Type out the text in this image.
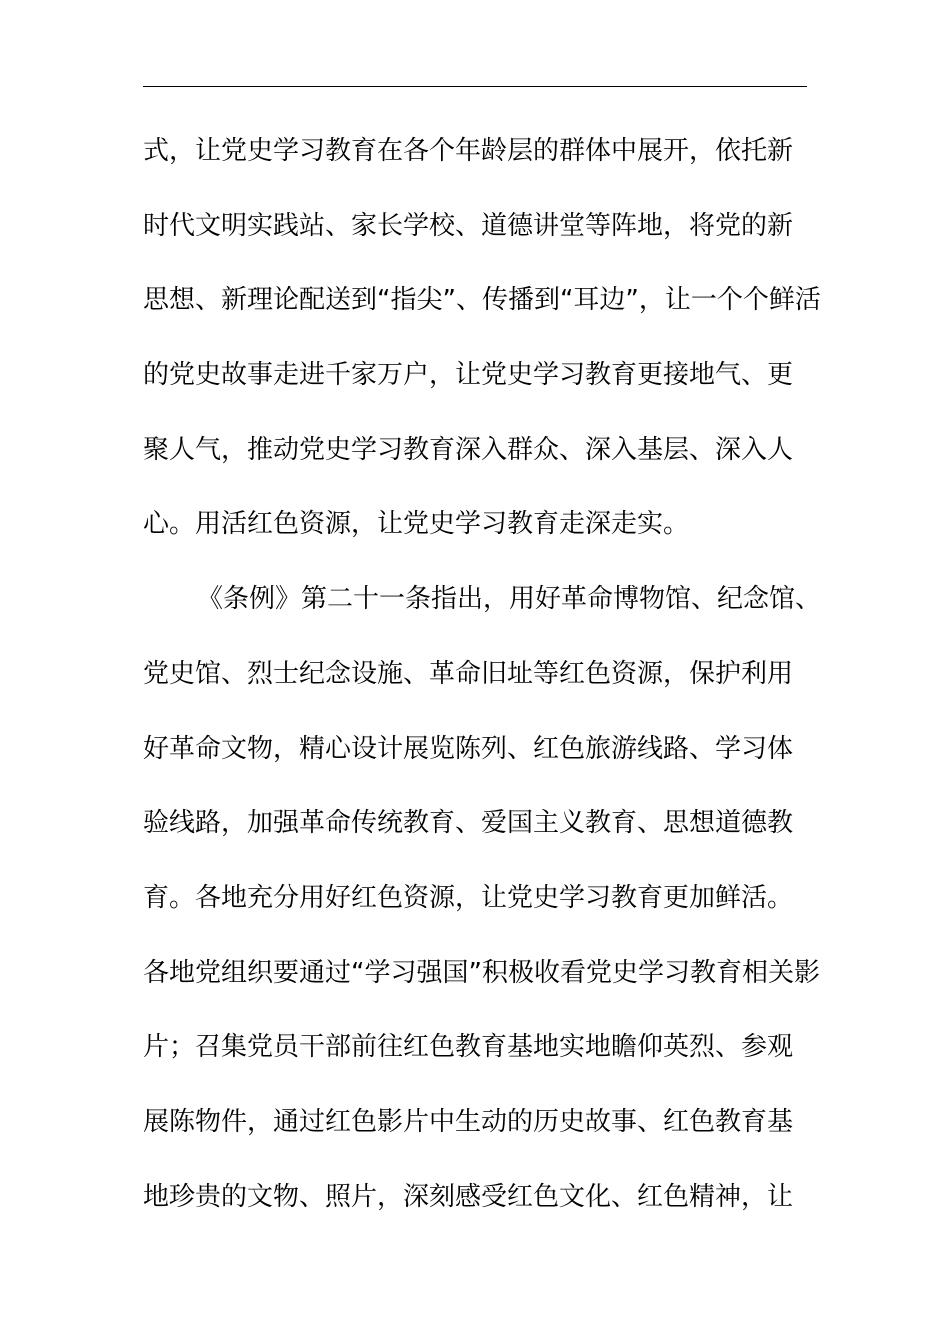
式，让党史学习教育在各个年龄层的群体中展开，依托新
时代文明实践站、家长学校、道德讲堂等阵地，将党的新
思想、新理论配送到“指尖”、传播到“耳边”，让一个个鲜活
的党史故事走进千家万户，让党史学习教育更接地气、更
聚人气，推动党史学习教育深入群众、深入基层、深入人
心。用活红色资源，让党史学习教育走深走实。
《条例》第二十一条指出，用好革命博物馆、纪念馆、
党史馆、烈士纪念设施、革命旧址等红色资源，保护利用
好革命文物，精心设计展览陈列、红色旅游线路、学习体
验线路，加强革命传统教育、爱国主义教育、思想道德教
育。各地充分用好红色资源，让党史学习教育更加鲜活。
各地党组织要通过“学习强国”积极收看党史学习教育相关影
片；召集党员干部前往红色教育基地实地瞻仰英烈、参观
展陈物件，通过红色影片中生动的历史故事、红色教育基
地珍贵的文物、照片，深刻感受红色文化、红色精神，让
